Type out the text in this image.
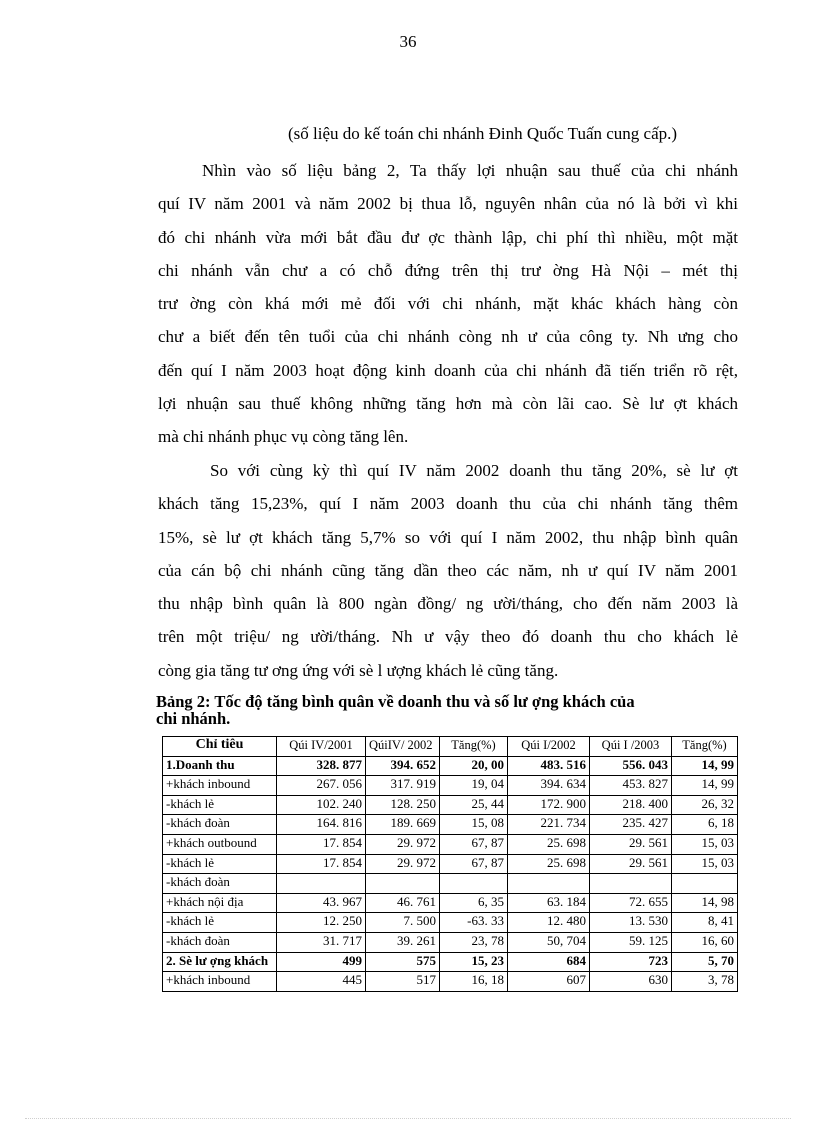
36
(số liệu do kế toán chi nhánh Đinh Quốc Tuấn cung cấp.)
Nhìn vào số liệu bảng 2, Ta thấy lợi nhuận sau thuế của chi nhánh
quí IV năm 2001 và năm 2002 bị thua lỗ, nguyên nhân của nó là bởi vì khi
đó chi nhánh vừa mới bắt đầu đư ợc thành lập, chi phí thì nhiều, một mặt
chi nhánh vẫn chư a có chỗ đứng trên thị trư ờng Hà Nội – mét thị
trư ờng còn khá mới mẻ đối với chi nhánh, mặt khác khách hàng còn
chư a biết đến tên tuổi của chi nhánh còng nh ư của công ty. Nh ưng cho
đến quí I năm 2003 hoạt động kinh doanh của chi nhánh đã tiến triển rõ rệt,
lợi nhuận sau thuế không những tăng hơn mà còn lãi cao. Sè lư ợt khách
mà chi nhánh phục vụ còng tăng lên.
So với cùng kỳ thì quí IV năm 2002 doanh thu tăng 20%, sè lư ợt
khách tăng 15,23%, quí I năm 2003 doanh thu của chi nhánh tăng thêm
15%, sè lư ợt khách tăng 5,7% so với quí I năm 2002, thu nhập bình quân
của cán bộ chi nhánh cũng tăng dần theo các năm, nh ư quí IV năm 2001
thu nhập bình quân là 800 ngàn đồng/ ng ười/tháng, cho đến năm 2003 là
trên một triệu/ ng ười/tháng. Nh ư vậy theo đó doanh thu cho khách lẻ
còng gia tăng tư ơng ứng với sè l ượng khách lẻ cũng tăng.
Bảng 2: Tốc độ tăng bình quân về doanh thu và số lư ợng khách của
chi nhánh.
Chỉ tiêu	Qúi IV/2001	QúiIV/ 2002	Tăng(%)	Qúi I/2002	Qúi I /2003	Tăng(%)
1.Doanh thu	328. 877	394. 652	20, 00	483. 516	556. 043	14, 99
+khách inbound	267. 056	317. 919	19, 04	394. 634	453. 827	14, 99
-khách lẻ	102. 240	128. 250	25, 44	172. 900	218. 400	26, 32
-khách đoàn	164. 816	189. 669	15, 08	221. 734	235. 427	6, 18
+khách outbound	17. 854	29. 972	67, 87	25. 698	29. 561	15, 03
-khách lẻ	17. 854	29. 972	67, 87	25. 698	29. 561	15, 03
-khách đoàn						
+khách nội địa	43. 967	46. 761	6, 35	63. 184	72. 655	14, 98
-khách lẻ	12. 250	7. 500	-63. 33	12. 480	13. 530	8, 41
-khách đoàn	31. 717	39. 261	23, 78	50, 704	59. 125	16, 60
2. Sè lư ợng khách	499	575	15, 23	684	723	5, 70
+khách inbound	445	517	16, 18	607	630	3, 78
